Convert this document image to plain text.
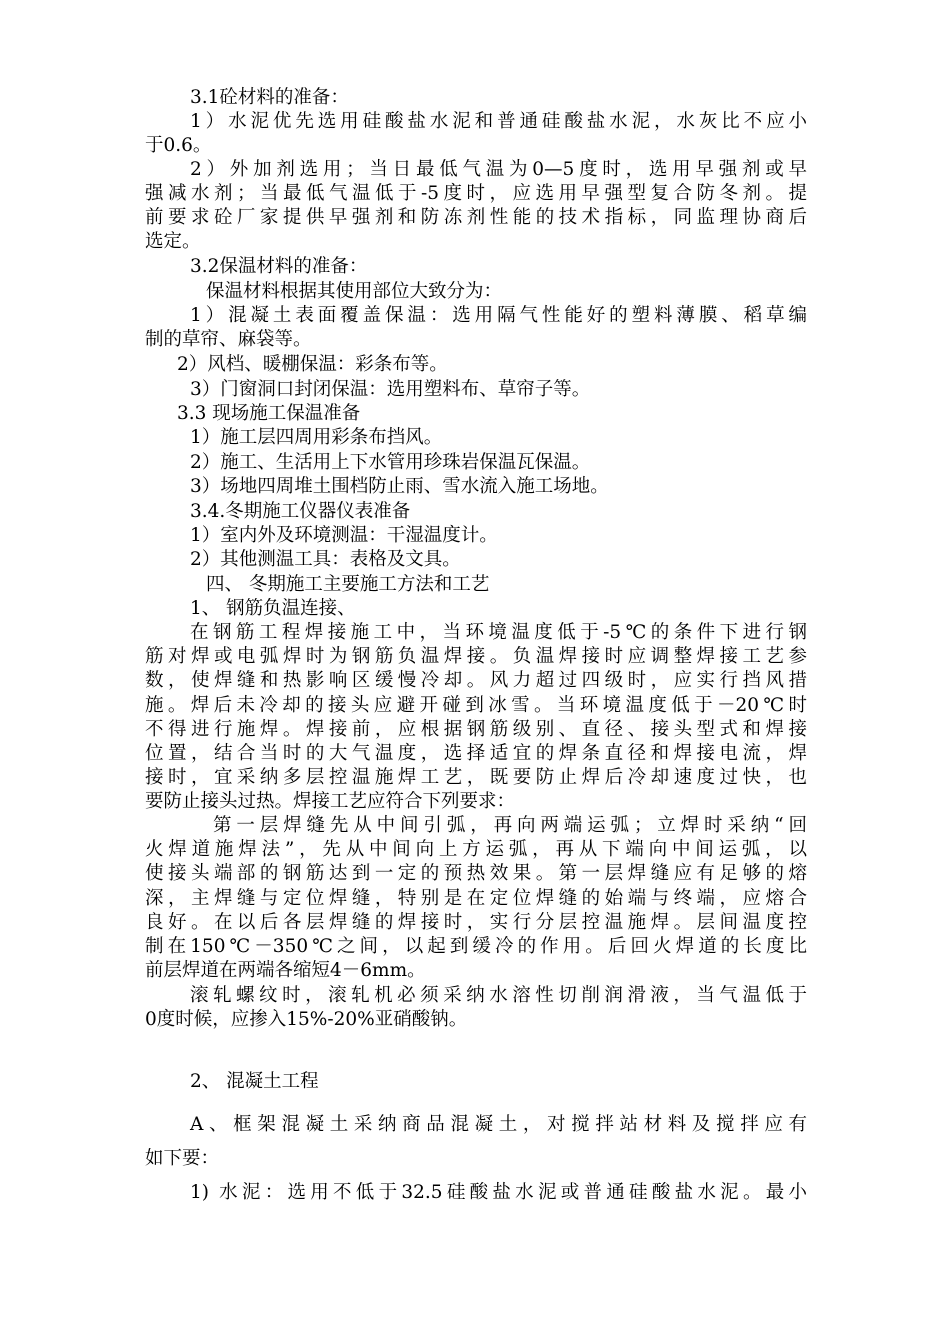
3.1砼材料的准备：

1）水泥优先选用硅酸盐水泥和普通硅酸盐水泥，水灰比不应小

于0.6。

2）外加剂选用；当日最低气温为0—5度时，选用早强剂或早

强减水剂；当最低气温低于-5度时，应选用早强型复合防冬剂。提

前要求砼厂家提供早强剂和防冻剂性能的技术指标，同监理协商后

选定。

3.2保温材料的准备：

保温材料根据其使用部位大致分为：

1）混凝土表面覆盖保温：选用隔气性能好的塑料薄膜、稻草编

制的草帘、麻袋等。

2）风档、暖棚保温：彩条布等。

3）门窗洞口封闭保温：选用塑料布、草帘子等。

3.3 现场施工保温准备

1）施工层四周用彩条布挡风。

2）施工、生活用上下水管用珍珠岩保温瓦保温。

3）场地四周堆土围档防止雨、雪水流入施工场地。

3.4.冬期施工仪器仪表准备

1）室内外及环境测温：干湿温度计。

2）其他测温工具：表格及文具。

四、 冬期施工主要施工方法和工艺

1、 钢筋负温连接、

在钢筋工程焊接施工中，当环境温度低于-5℃的条件下进行钢

筋对焊或电弧焊时为钢筋负温焊接。负温焊接时应调整焊接工艺参

数，使焊缝和热影响区缓慢冷却。风力超过四级时，应实行挡风措

施。焊后未冷却的接头应避开碰到冰雪。当环境温度低于－20℃时

不得进行施焊。焊接前，应根据钢筋级别、直径、接头型式和焊接

位置，结合当时的大气温度，选择适宜的焊条直径和焊接电流，焊

接时，宜采纳多层控温施焊工艺，既要防止焊后冷却速度过快，也

要防止接头过热。焊接工艺应符合下列要求：

第一层焊缝先从中间引弧，再向两端运弧；立焊时采纳“回

火焊道施焊法”，先从中间向上方运弧，再从下端向中间运弧，以

使接头端部的钢筋达到一定的预热效果。第一层焊缝应有足够的熔

深，主焊缝与定位焊缝，特别是在定位焊缝的始端与终端，应熔合

良好。在以后各层焊缝的焊接时，实行分层控温施焊。层间温度控

制在150℃－350℃之间，以起到缓冷的作用。后回火焊道的长度比

前层焊道在两端各缩短4－6mm。

滚轧螺纹时，滚轧机必须采纳水溶性切削润滑液，当气温低于

0度时候，应掺入15%-20%亚硝酸钠。

2、 混凝土工程

A、框架混凝土采纳商品混凝土，对搅拌站材料及搅拌应有

如下要：

1) 水泥：选用不低于32.5硅酸盐水泥或普通硅酸盐水泥。最小
